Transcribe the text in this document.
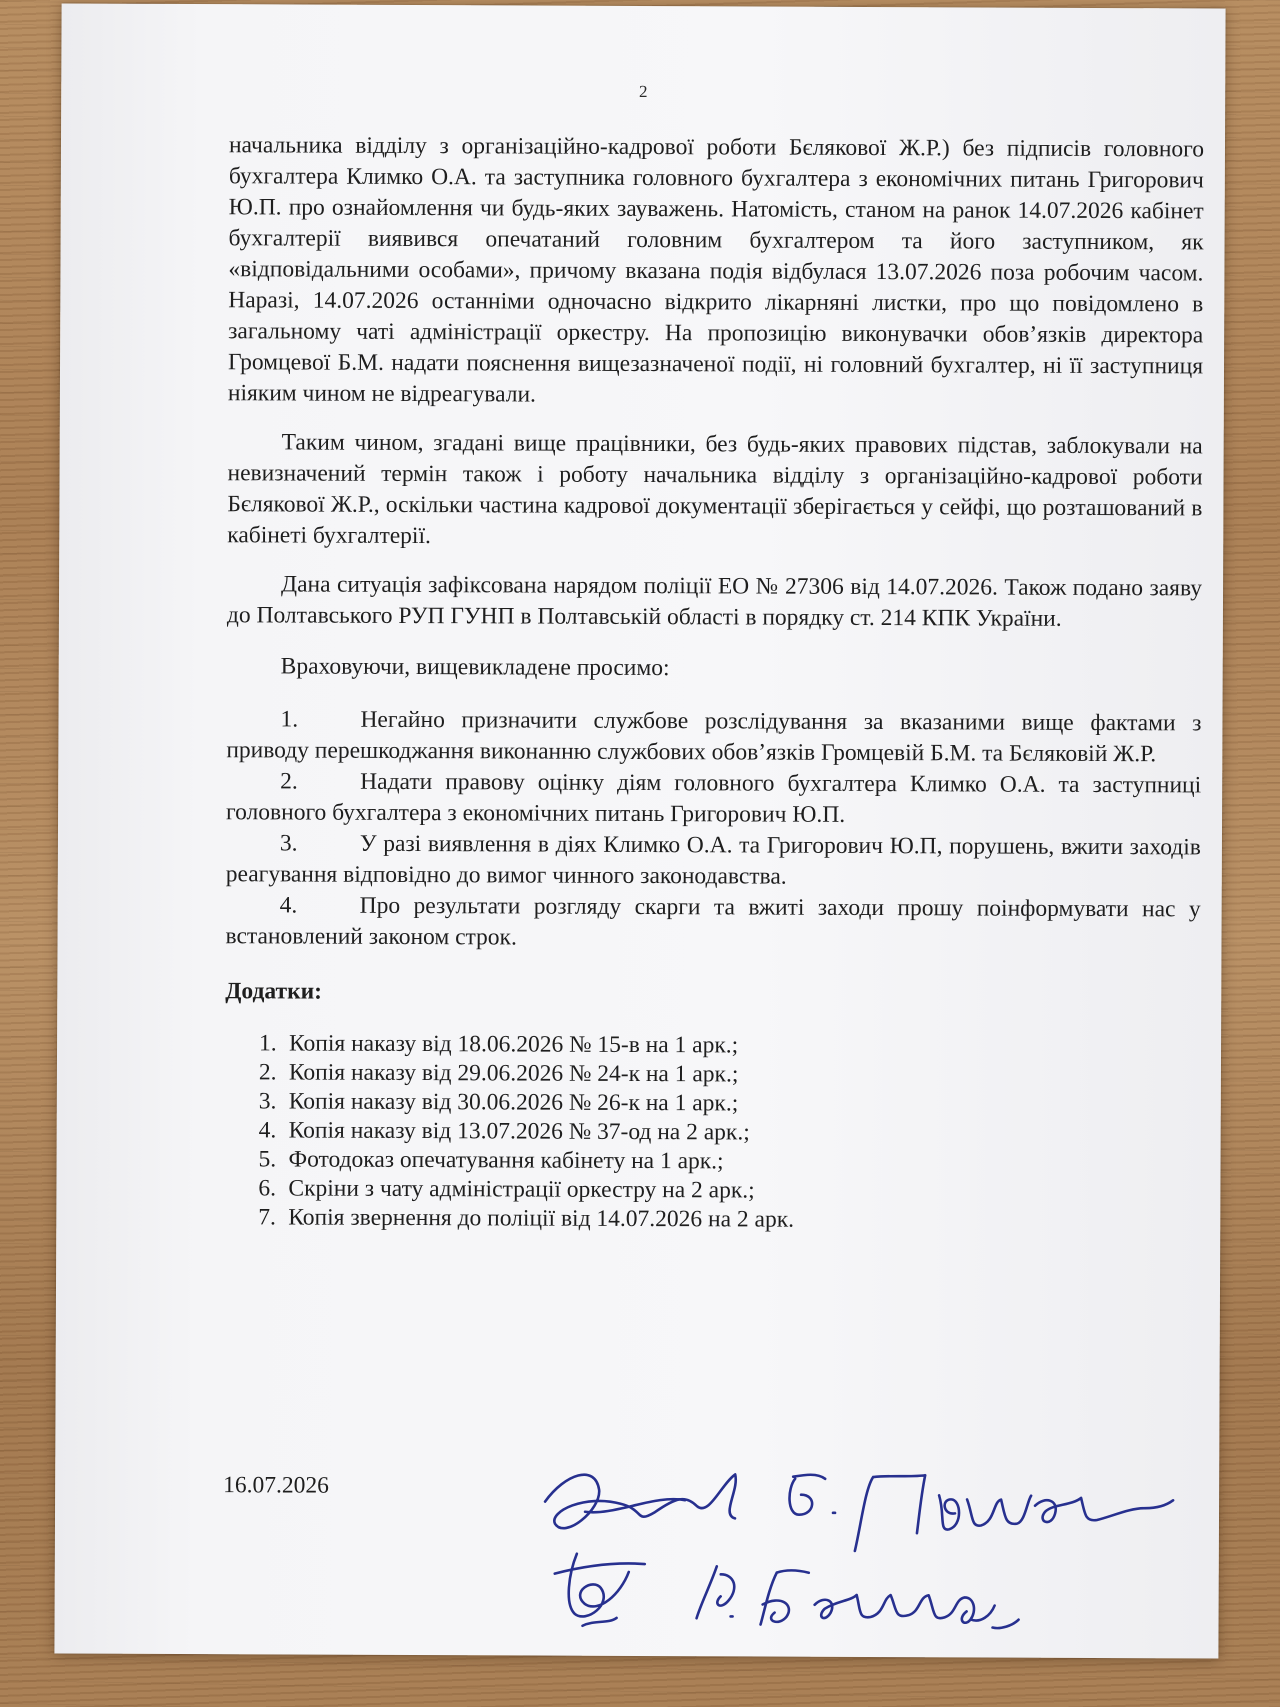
2

начальника відділу з організаційно-кадрової роботи Бєлякової Ж.Р.) без підписів головного бухгалтера Климко О.А. та заступника головного бухгалтера з економічних питань Григорович Ю.П. про ознайомлення чи будь-яких зауважень. Натомість, станом на ранок 14.07.2026 кабінет бухгалтерії виявився опечатаний головним бухгалтером та його заступником, як «відповідальними особами», причому вказана подія відбулася 13.07.2026 поза робочим часом. Наразі, 14.07.2026 останніми одночасно відкрито лікарняні листки, про що повідомлено в загальному чаті адміністрації оркестру. На пропозицію виконувачки обов’язків директора Громцевої Б.М. надати пояснення вищезазначеної події, ні головний бухгалтер, ні її заступниця ніяким чином не відреагували.

Таким чином, згадані вище працівники, без будь-яких правових підстав, заблокували на невизначений термін також і роботу начальника відділу з організаційно-кадрової роботи Бєлякової Ж.Р., оскільки частина кадрової документації зберігається у сейфі, що розташований в кабінеті бухгалтерії.

Дана ситуація зафіксована нарядом поліції ЕО № 27306 від 14.07.2026. Також подано заяву до Полтавського РУП ГУНП в Полтавській області в порядку ст. 214 КПК України.

Враховуючи, вищевикладене просимо:

1.	Негайно призначити службове розслідування за вказаними вище фактами з приводу перешкоджання виконанню службових обов’язків Громцевій Б.М. та Бєляковій Ж.Р.
2.	Надати правову оцінку діям головного бухгалтера Климко О.А. та заступниці головного бухгалтера з економічних питань Григорович Ю.П.
3.	У разі виявлення в діях Климко О.А. та Григорович Ю.П, порушень, вжити заходів реагування відповідно до вимог чинного законодавства.
4.	Про результати розгляду скарги та вжиті заходи прошу поінформувати нас у встановлений законом строк.

Додатки:

1. Копія наказу від 18.06.2026 № 15-в на 1 арк.;
2. Копія наказу від 29.06.2026 № 24-к на 1 арк.;
3. Копія наказу від 30.06.2026 № 26-к на 1 арк.;
4. Копія наказу від 13.07.2026 № 37-од на 2 арк.;
5. Фотодоказ опечатування кабінету на 1 арк.;
6. Скріни з чату адміністрації оркестру на 2 арк.;
7. Копія звернення до поліції від 14.07.2026 на 2 арк.
16.07.2026
